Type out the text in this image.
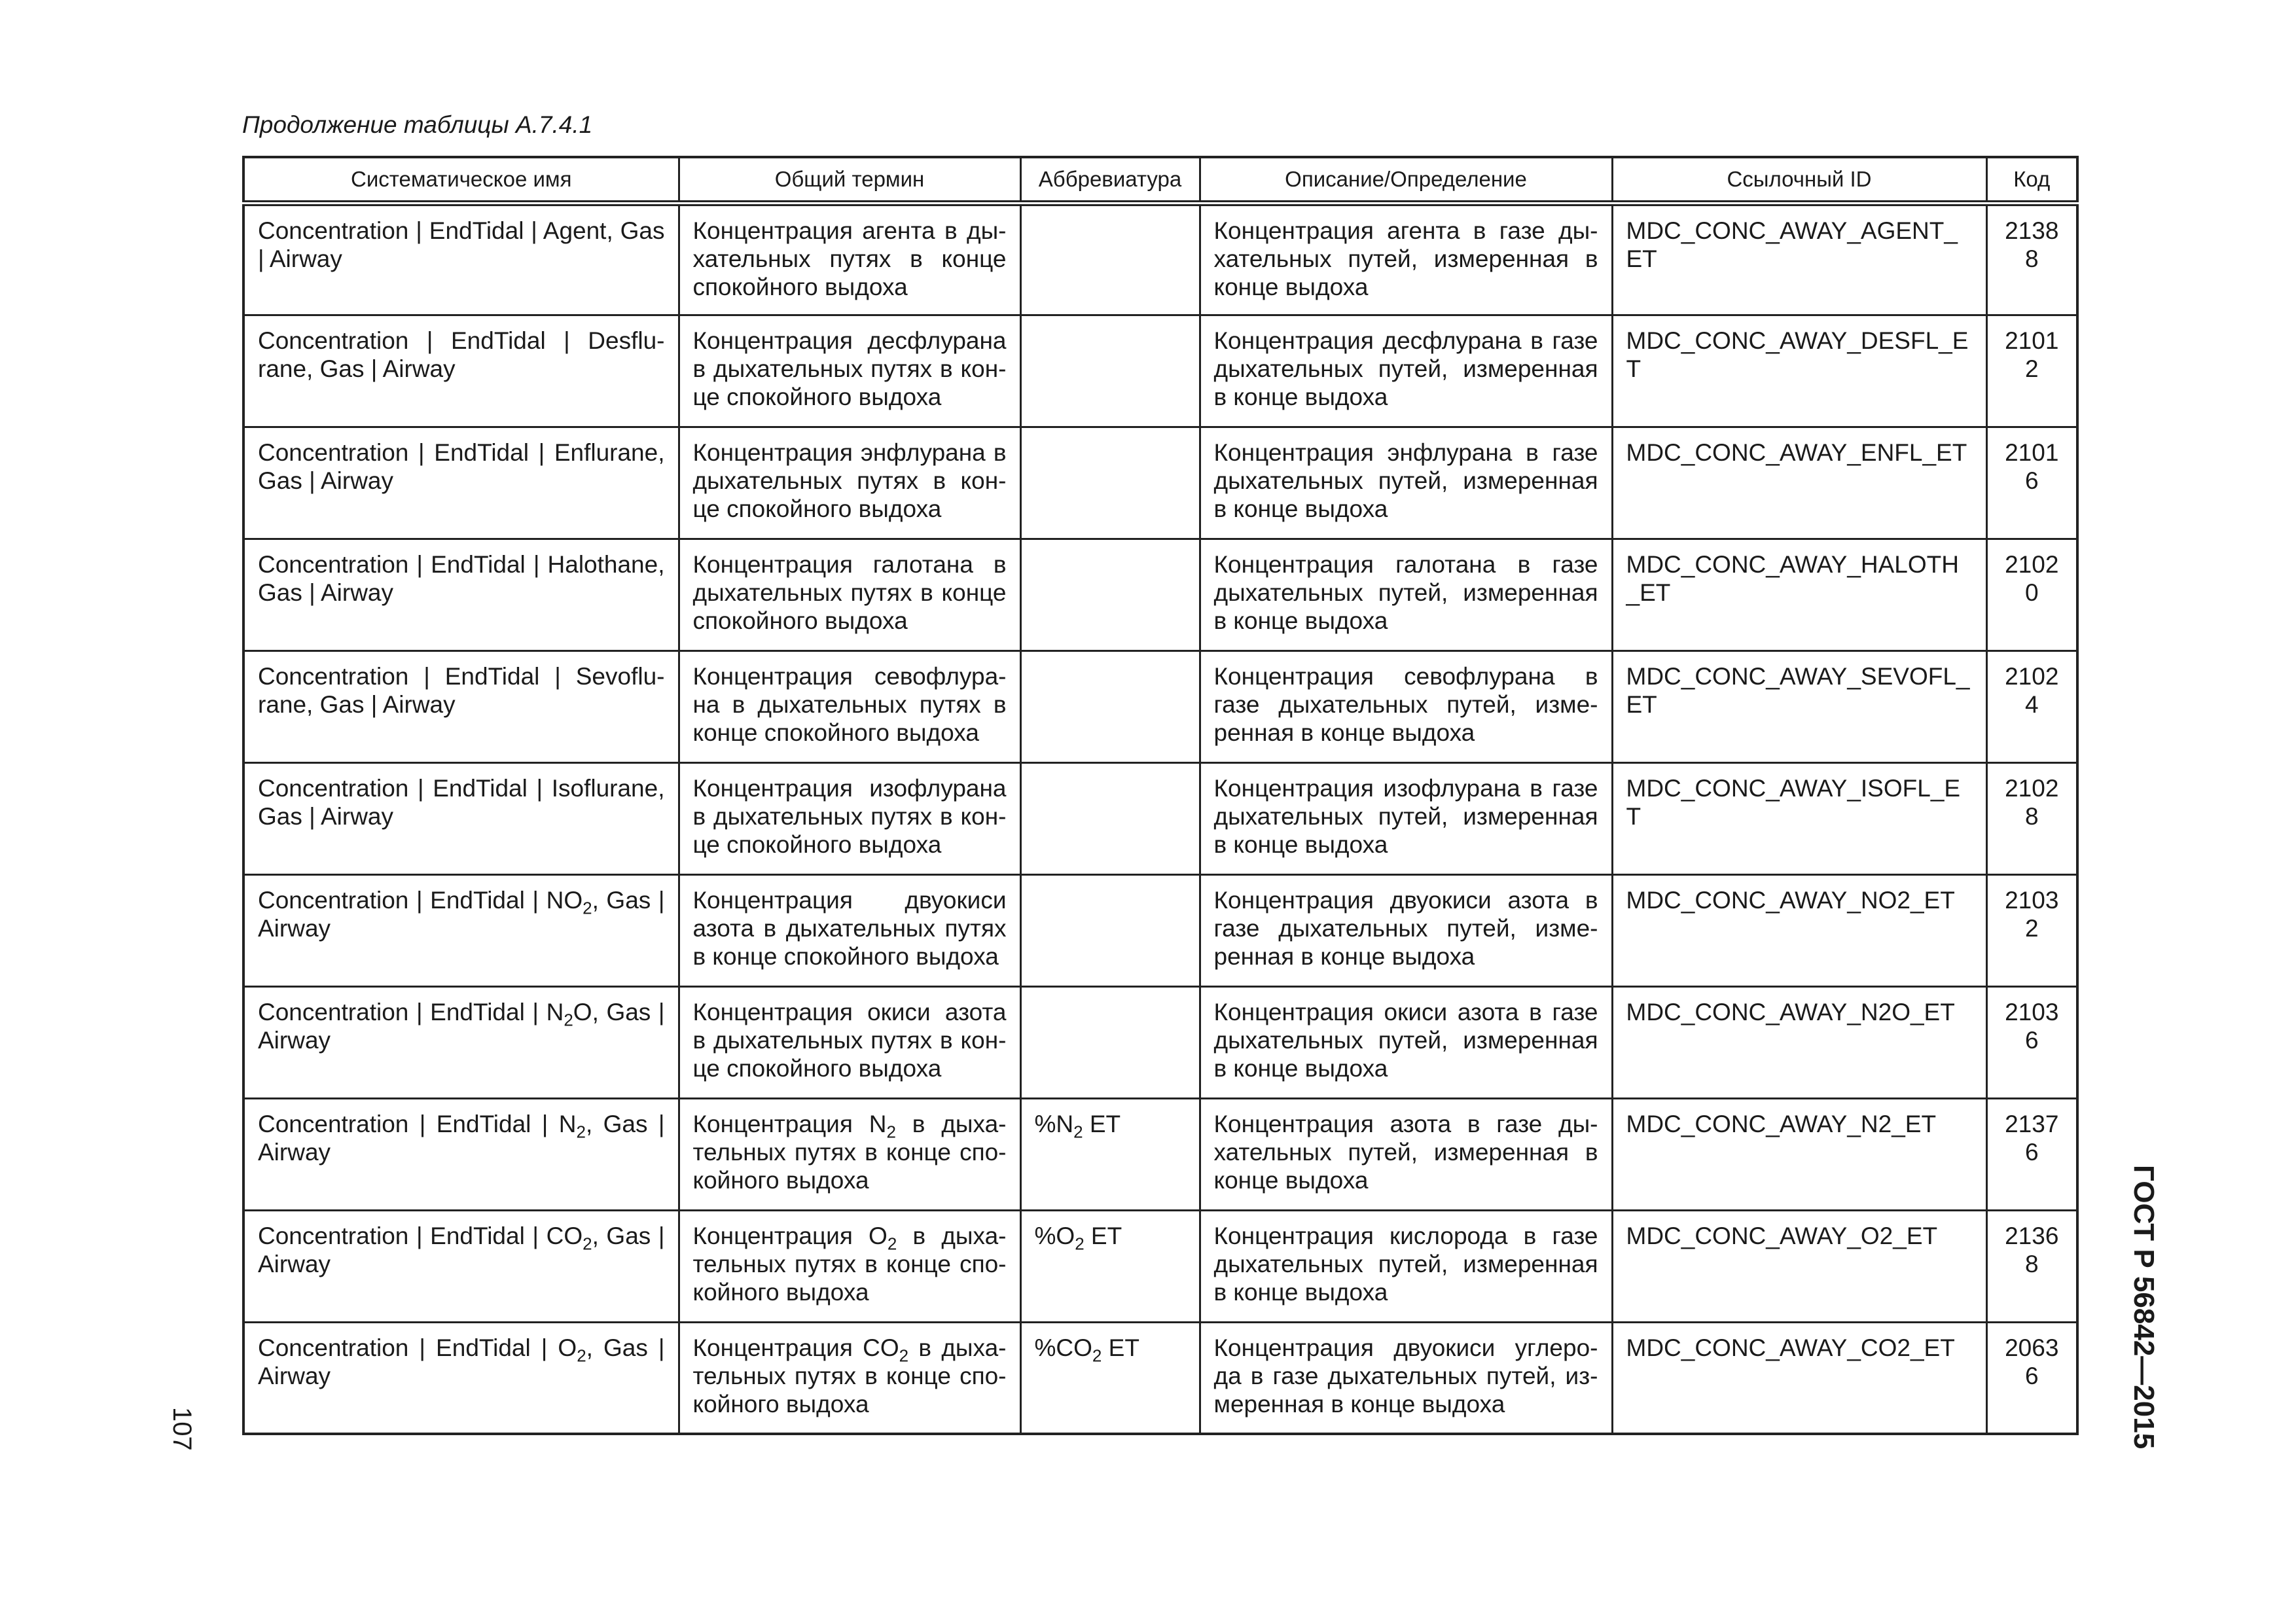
Продолжение таблицы А.7.4.1
Систематическое имя	Общий термин	Аббревиатура	Описание/Определение	Ссылочный ID	Код
Concentration | EndTidal | Agent, Gas | Airway	Концентрация агента в ды-хательных путях в конце спокойного выдоха		Концентрация агента в газе ды-хательных путей, измеренная в конце выдоха	MDC_CONC_AWAY_AGENT_ET	21388
Concentration | EndTidal | Desflu-rane, Gas | Airway	Концентрация десфлурана в дыхательных путях в кон-це спокойного выдоха		Концентрация десфлурана в газе дыхательных путей, измеренная в конце выдоха	MDC_CONC_AWAY_DESFL_ET	21012
Concentration | EndTidal | Enflurane, Gas | Airway	Концентрация энфлурана в дыхательных путях в кон-це спокойного выдоха		Концентрация энфлурана в газе дыхательных путей, измеренная в конце выдоха	MDC_CONC_AWAY_ENFL_ET	21016
Concentration | EndTidal | Halothane, Gas | Airway	Концентрация галотана в дыхательных путях в конце спокойного выдоха		Концентрация галотана в газе дыхательных путей, измеренная в конце выдоха	MDC_CONC_AWAY_HALOTH_ET	21020
Concentration | EndTidal | Sevoflu-rane, Gas | Airway	Концентрация севофлура-на в дыхательных путях в конце спокойного выдоха		Концентрация севофлурана в газе дыхательных путей, изме-ренная в конце выдоха	MDC_CONC_AWAY_SEVOFL_ET	21024
Concentration | EndTidal | Isoflurane, Gas | Airway	Концентрация изофлурана в дыхательных путях в кон-це спокойного выдоха		Концентрация изофлурана в газе дыхательных путей, измеренная в конце выдоха	MDC_CONC_AWAY_ISOFL_ET	21028
Concentration | EndTidal | $NO_2$, Gas | Airway	Концентрация двуокиси азота в дыхательных путях в конце спокойного выдоха		Концентрация двуокиси азота в газе дыхательных путей, изме-ренная в конце выдоха	MDC_CONC_AWAY_NO2_ET	21032
Concentration | EndTidal | $N_2O$, Gas | Airway	Концентрация окиси азота в дыхательных путях в кон-це спокойного выдоха		Концентрация окиси азота в газе дыхательных путей, измеренная в конце выдоха	MDC_CONC_AWAY_N2O_ET	21036
Concentration | EndTidal | $N_2$, Gas | Airway	Концентрация $N_2$ в дыха-тельных путях в конце спо-койного выдоха	$\%N_2$ ET	Концентрация азота в газе ды-хательных путей, измеренная в конце выдоха	MDC_CONC_AWAY_N2_ET	21376
Concentration | EndTidal | $CO_2$, Gas | Airway	Концентрация $O_2$ в дыха-тельных путях в конце спо-койного выдоха	$\%O_2$ ET	Концентрация кислорода в газе дыхательных путей, измеренная в конце выдоха	MDC_CONC_AWAY_O2_ET	21368
Concentration | EndTidal | $O_2$, Gas | Airway	Концентрация $CO_2$ в дыха-тельных путях в конце спо-койного выдоха	$\%CO_2$ ET	Концентрация двуокиси углеро-да в газе дыхательных путей, из-меренная в конце выдоха	MDC_CONC_AWAY_CO2_ET	20636
107	ГОСТ Р 56842—2015
